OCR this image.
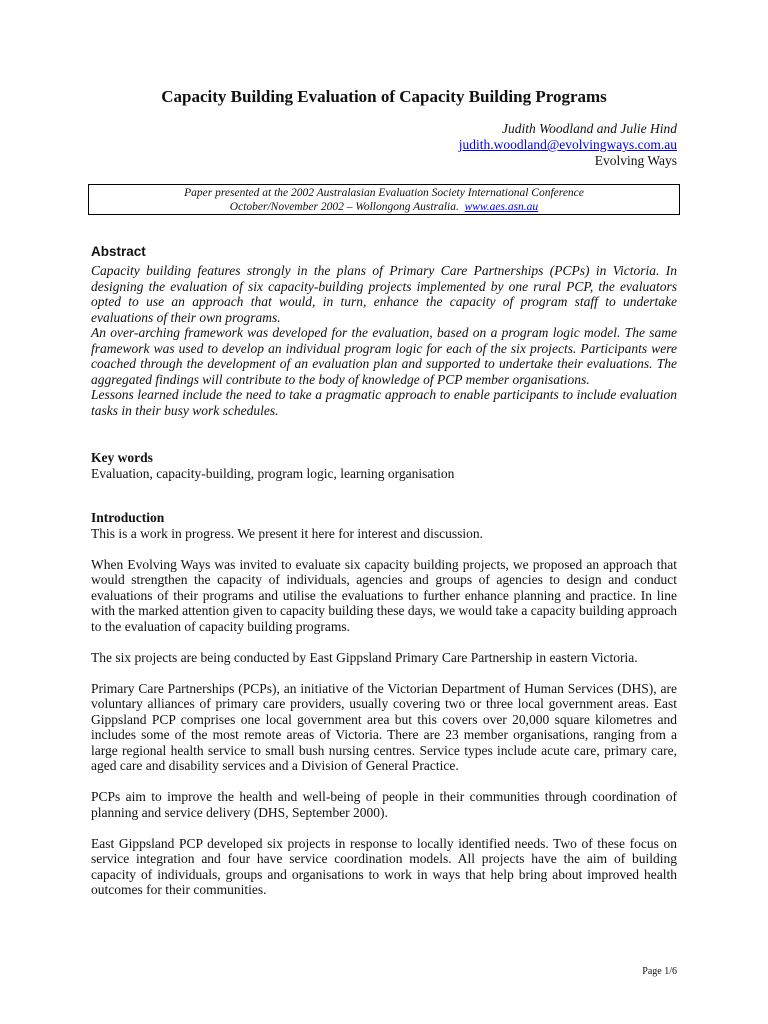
Capacity Building Evaluation of Capacity Building Programs
Judith Woodland and Julie Hind
judith.woodland@evolvingways.com.au
Evolving Ways
Paper presented at the 2002 Australasian Evaluation Society International Conference
October/November 2002 – Wollongong Australia. www.aes.asn.au
Abstract

Capacity building features strongly in the plans of Primary Care Partnerships (PCPs) in Victoria. In designing the evaluation of six capacity-building projects implemented by one rural PCP, the evaluators opted to use an approach that would, in turn, enhance the capacity of program staff to undertake evaluations of their own programs.

An over-arching framework was developed for the evaluation, based on a program logic model. The same framework was used to develop an individual program logic for each of the six projects. Participants were coached through the development of an evaluation plan and supported to undertake their evaluations. The aggregated findings will contribute to the body of knowledge of PCP member organisations.

Lessons learned include the need to take a pragmatic approach to enable participants to include evaluation tasks in their busy work schedules.

Key words
Evaluation, capacity-building, program logic, learning organisation
Introduction

This is a work in progress. We present it here for interest and discussion.

When Evolving Ways was invited to evaluate six capacity building projects, we proposed an approach that would strengthen the capacity of individuals, agencies and groups of agencies to design and conduct evaluations of their programs and utilise the evaluations to further enhance planning and practice. In line with the marked attention given to capacity building these days, we would take a capacity building approach to the evaluation of capacity building programs.

The six projects are being conducted by East Gippsland Primary Care Partnership in eastern Victoria.

Primary Care Partnerships (PCPs), an initiative of the Victorian Department of Human Services (DHS), are voluntary alliances of primary care providers, usually covering two or three local government areas. East Gippsland PCP comprises one local government area but this covers over 20,000 square kilometres and includes some of the most remote areas of Victoria. There are 23 member organisations, ranging from a large regional health service to small bush nursing centres. Service types include acute care, primary care, aged care and disability services and a Division of General Practice.

PCPs aim to improve the health and well-being of people in their communities through coordination of planning and service delivery (DHS, September 2000).

East Gippsland PCP developed six projects in response to locally identified needs. Two of these focus on service integration and four have service coordination models. All projects have the aim of building capacity of individuals, groups and organisations to work in ways that help bring about improved health outcomes for their communities.

Page 1/6
